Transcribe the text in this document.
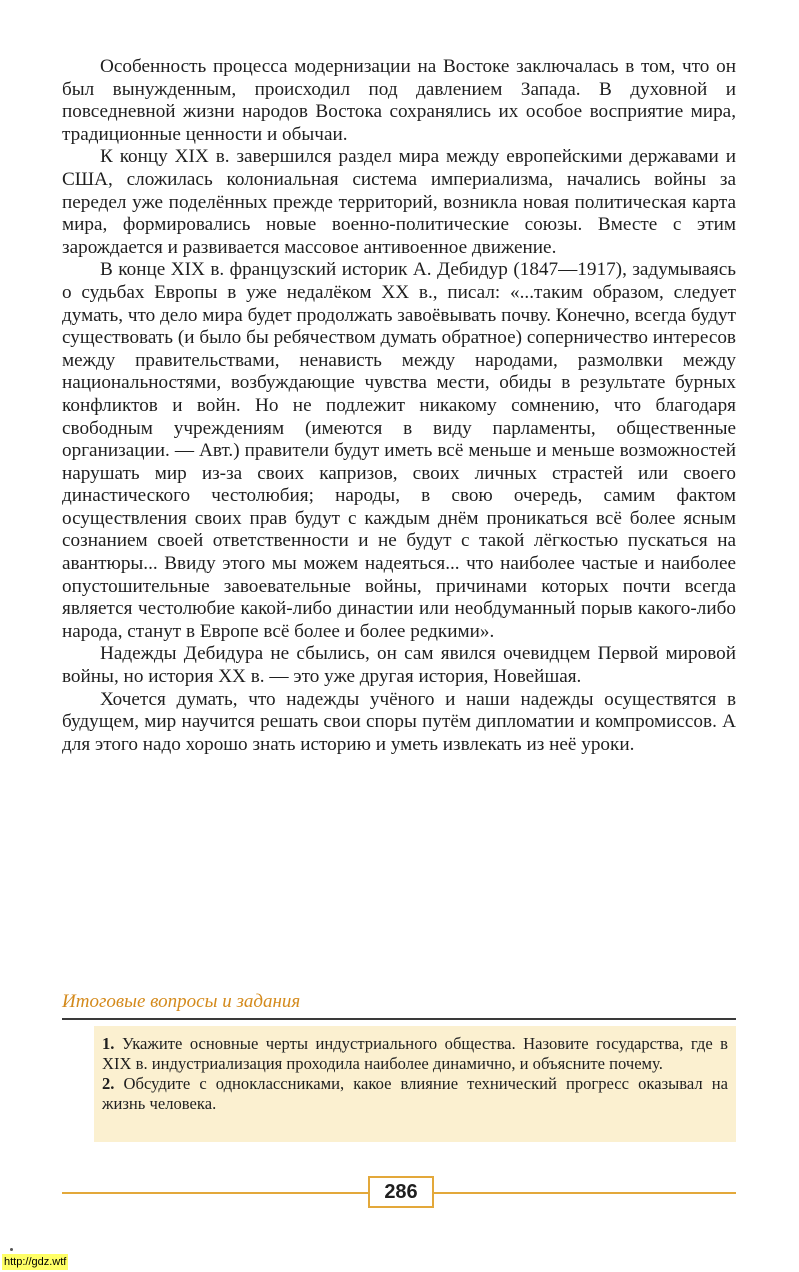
Особенность процесса модернизации на Востоке заключалась в том, что он был вынужденным, происходил под давлением Запада. В духовной и повседневной жизни народов Востока сохранялись их особое восприятие мира, традиционные ценности и обычаи.

К концу XIX в. завершился раздел мира между европейскими державами и США, сложилась колониальная система империализма, начались войны за передел уже поделённых прежде территорий, возникла новая политическая карта мира, формировались новые военно-политические союзы. Вместе с этим зарождается и развивается массовое антивоенное движение.

В конце XIX в. французский историк А. Дебидур (1847—1917), задумываясь о судьбах Европы в уже недалёком XX в., писал: «...таким образом, следует думать, что дело мира будет продолжать завоёвывать почву. Конечно, всегда будут существовать (и было бы ребячеством думать обратное) соперничество интересов между правительствами, ненависть между народами, размолвки между национальностями, возбуждающие чувства мести, обиды в результате бурных конфликтов и войн. Но не подлежит никакому сомнению, что благодаря свободным учреждениям (имеются в виду парламенты, общественные организации. — Авт.) правители будут иметь всё меньше и меньше возможностей нарушать мир из-за своих капризов, своих личных страстей или своего династического честолюбия; народы, в свою очередь, самим фактом осуществления своих прав будут с каждым днём проникаться всё более ясным сознанием своей ответственности и не будут с такой лёгкостью пускаться на авантюры... Ввиду этого мы можем надеяться... что наиболее частые и наиболее опустошительные завоевательные войны, причинами которых почти всегда является честолюбие какой-либо династии или необдуманный порыв какого-либо народа, станут в Европе всё более и более редкими».

Надежды Дебидура не сбылись, он сам явился очевидцем Первой мировой войны, но история XX в. — это уже другая история, Новейшая.

Хочется думать, что надежды учёного и наши надежды осуществятся в будущем, мир научится решать свои споры путём дипломатии и компромиссов. А для этого надо хорошо знать историю и уметь извлекать из неё уроки.

Итоговые вопросы и задания

1. Укажите основные черты индустриального общества. Назовите государства, где в XIX в. индустриализация проходила наиболее динамично, и объясните почему.

2. Обсудите с одноклассниками, какое влияние технический прогресс оказывал на жизнь человека.

286
http://gdz.wtf
